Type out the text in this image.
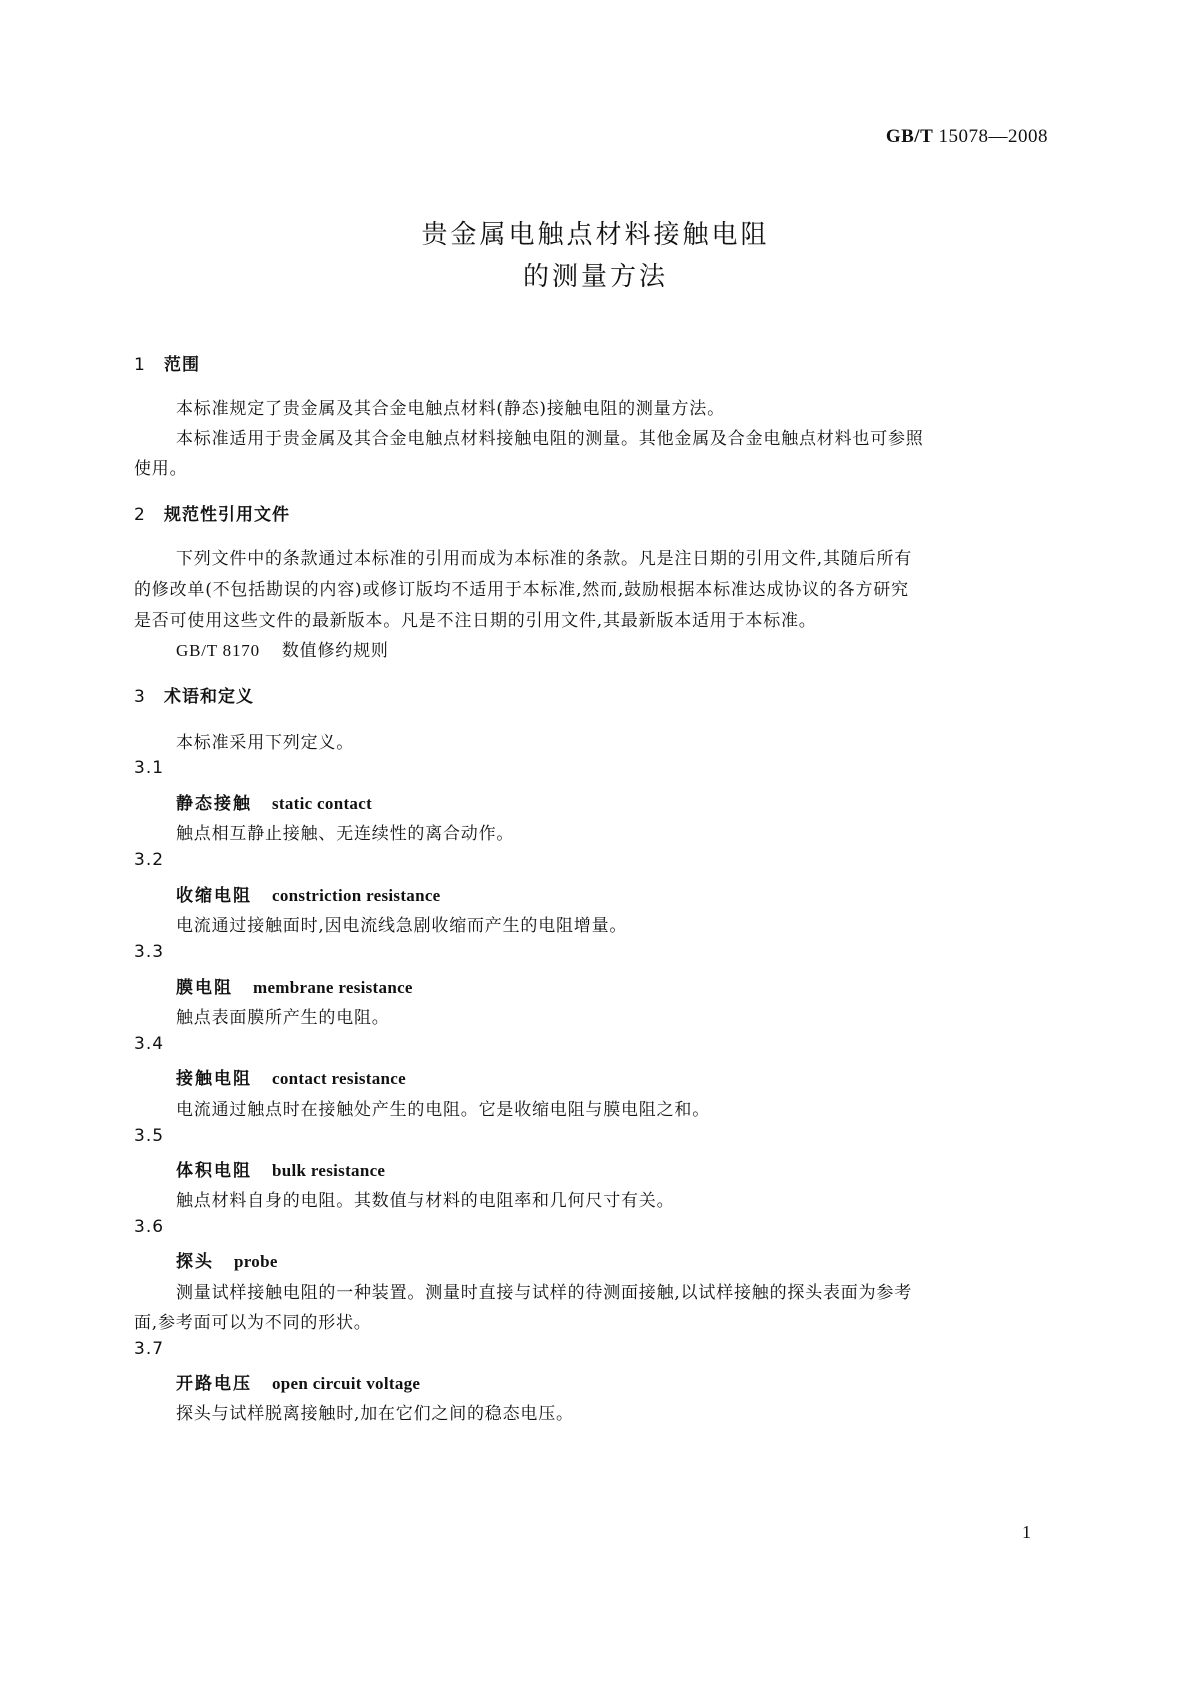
GB/T 15078—2008
贵金属电触点材料接触电阻
的测量方法
1 范围
本标准规定了贵金属及其合金电触点材料(静态)接触电阻的测量方法。
本标准适用于贵金属及其合金电触点材料接触电阻的测量。其他金属及合金电触点材料也可参照
使用。
2 规范性引用文件
下列文件中的条款通过本标准的引用而成为本标准的条款。凡是注日期的引用文件,其随后所有
的修改单(不包括勘误的内容)或修订版均不适用于本标准,然而,鼓励根据本标准达成协议的各方研究
是否可使用这些文件的最新版本。凡是不注日期的引用文件,其最新版本适用于本标准。
GB/T 8170 数值修约规则
3 术语和定义
本标准采用下列定义。
3.1
静态接触 static contact
触点相互静止接触、无连续性的离合动作。
3.2
收缩电阻 constriction resistance
电流通过接触面时,因电流线急剧收缩而产生的电阻增量。
3.3
膜电阻 membrane resistance
触点表面膜所产生的电阻。
3.4
接触电阻 contact resistance
电流通过触点时在接触处产生的电阻。它是收缩电阻与膜电阻之和。
3.5
体积电阻 bulk resistance
触点材料自身的电阻。其数值与材料的电阻率和几何尺寸有关。
3.6
探头 probe
测量试样接触电阻的一种装置。测量时直接与试样的待测面接触,以试样接触的探头表面为参考
面,参考面可以为不同的形状。
3.7
开路电压 open circuit voltage
探头与试样脱离接触时,加在它们之间的稳态电压。
1
